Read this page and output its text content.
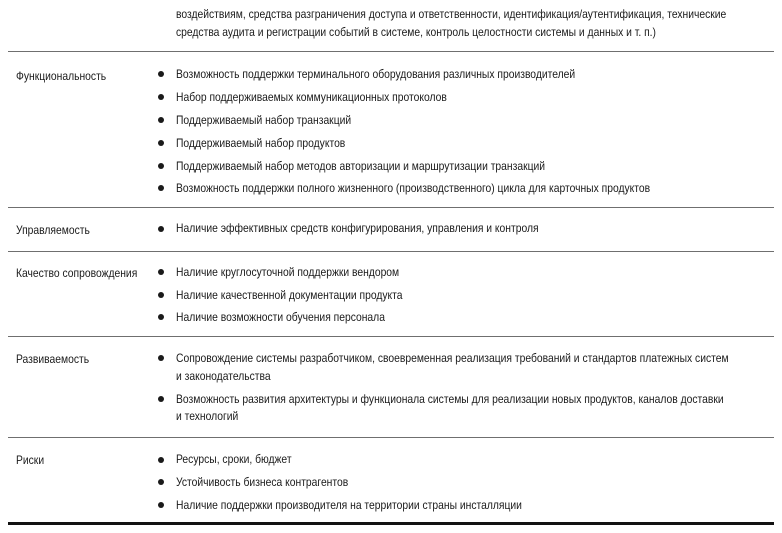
воздействиям, средства разграничения доступа и ответственности, идентификация/аутентификация, технические
средства аудита и регистрации событий в системе, контроль целостности системы и данных и т. п.)
Функциональность	Возможность поддержки терминального оборудования различных производителей
Набор поддерживаемых коммуникационных протоколов
Поддерживаемый набор транзакций
Поддерживаемый набор продуктов
Поддерживаемый набор методов авторизации и маршрутизации транзакций
Возможность поддержки полного жизненного (производственного) цикла для карточных продуктов
Управляемость	Наличие эффективных средств конфигурирования, управления и контроля
Качество сопровождения	Наличие круглосуточной поддержки вендором
Наличие качественной документации продукта
Наличие возможности обучения персонала
Развиваемость	Сопровождение системы разработчиком, своевременная реализация требований и стандартов платежных систем
и законодательства
Возможность развития архитектуры и функционала системы для реализации новых продуктов, каналов доставки
и технологий
Риски	Ресурсы, сроки, бюджет
Устойчивость бизнеса контрагентов
Наличие поддержки производителя на территории страны инсталляции
